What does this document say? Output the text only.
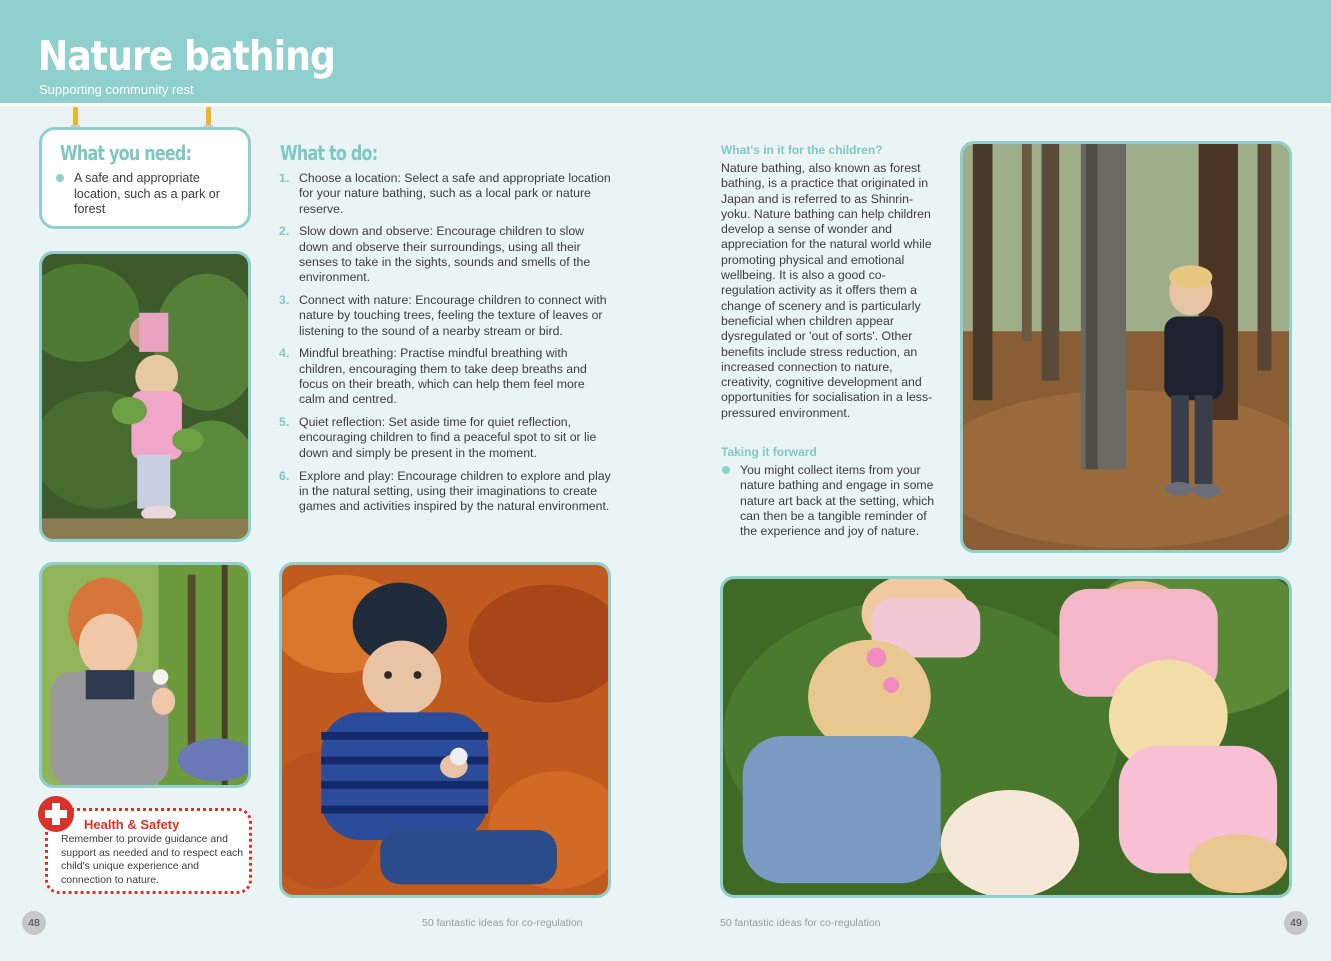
Nature bathing
Supporting community rest
What you need:
A safe and appropriate location, such as a park or forest
Health & Safety
Remember to provide guidance and support as needed and to respect each child's unique experience and connection to nature.
What to do:
1. Choose a location: Select a safe and appropriate location for your nature bathing, such as a local park or nature reserve.
2. Slow down and observe: Encourage children to slow down and observe their surroundings, using all their senses to take in the sights, sounds and smells of the environment.
3. Connect with nature: Encourage children to connect with nature by touching trees, feeling the texture of leaves or listening to the sound of a nearby stream or bird.
4. Mindful breathing: Practise mindful breathing with children, encouraging them to take deep breaths and focus on their breath, which can help them feel more calm and centred.
5. Quiet reflection: Set aside time for quiet reflection, encouraging children to find a peaceful spot to sit or lie down and simply be present in the moment.
6. Explore and play: Encourage children to explore and play in the natural setting, using their imaginations to create games and activities inspired by the natural environment.
What's in it for the children?
Nature bathing, also known as forest bathing, is a practice that originated in Japan and is referred to as Shinrin-yoku. Nature bathing can help children develop a sense of wonder and appreciation for the natural world while promoting physical and emotional wellbeing. It is also a good co-regulation activity as it offers them a change of scenery and is particularly beneficial when children appear dysregulated or 'out of sorts'. Other benefits include stress reduction, an increased connection to nature, creativity, cognitive development and opportunities for socialisation in a less-pressured environment.
Taking it forward
You might collect items from your nature bathing and engage in some nature art back at the setting, which can then be a tangible reminder of the experience and joy of nature.
48	50 fantastic ideas for co-regulation	50 fantastic ideas for co-regulation	49
